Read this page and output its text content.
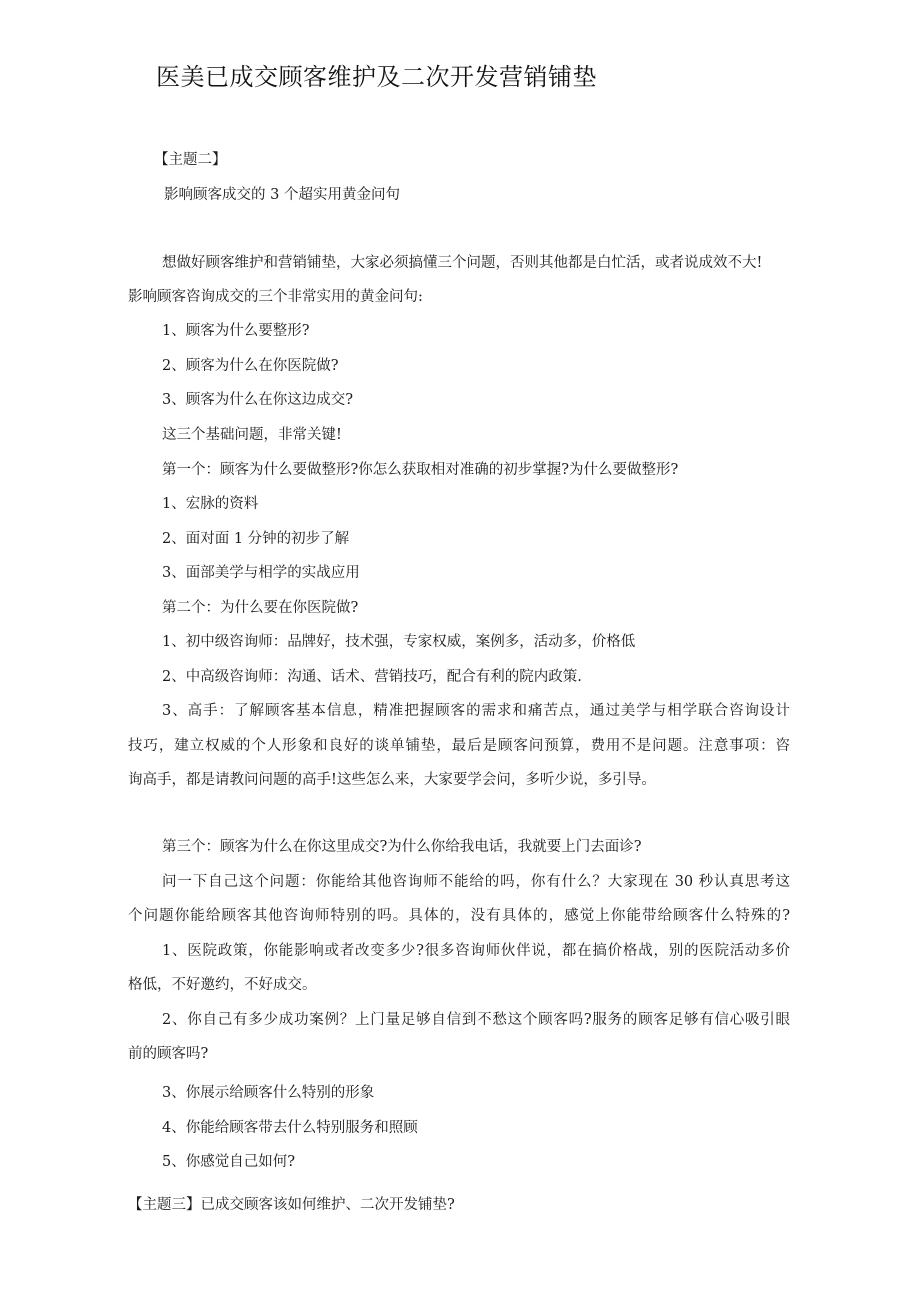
医美已成交顾客维护及二次开发营销铺垫

【主题二】

影响顾客成交的 3 个超实用黄金问句

想做好顾客维护和营销铺垫，大家必须搞懂三个问题，否则其他都是白忙活，或者说成效不大!

影响顾客咨询成交的三个非常实用的黄金问句:

1、顾客为什么要整形?

2、顾客为什么在你医院做?

3、顾客为什么在你这边成交?

这三个基础问题，非常关键!

第一个：顾客为什么要做整形?你怎么获取相对准确的初步掌握?为什么要做整形?

1、宏脉的资料

2、面对面 1 分钟的初步了解

3、面部美学与相学的实战应用

第二个：为什么要在你医院做?

1、初中级咨询师：品牌好，技术强，专家权威，案例多，活动多，价格低

2、中高级咨询师：沟通、话术、营销技巧，配合有利的院内政策.

3、高手：了解顾客基本信息，精准把握顾客的需求和痛苦点，通过美学与相学联合咨询设计

技巧，建立权威的个人形象和良好的谈单铺垫，最后是顾客问预算，费用不是问题。注意事项：咨

询高手，都是请教问问题的高手!这些怎么来，大家要学会问，多听少说，多引导。

第三个：顾客为什么在你这里成交?为什么你给我电话，我就要上门去面诊?

问一下自己这个问题：你能给其他咨询师不能给的吗，你有什么？大家现在 30 秒认真思考这

个问题你能给顾客其他咨询师特别的吗。具体的，没有具体的，感觉上你能带给顾客什么特殊的?

1、医院政策，你能影响或者改变多少?很多咨询师伙伴说，都在搞价格战，别的医院活动多价

格低，不好邀约，不好成交。

2、你自己有多少成功案例？上门量足够自信到不愁这个顾客吗?服务的顾客足够有信心吸引眼

前的顾客吗?

3、你展示给顾客什么特别的形象

4、你能给顾客带去什么特别服务和照顾

5、你感觉自己如何?

【主题三】已成交顾客该如何维护、二次开发铺垫?
